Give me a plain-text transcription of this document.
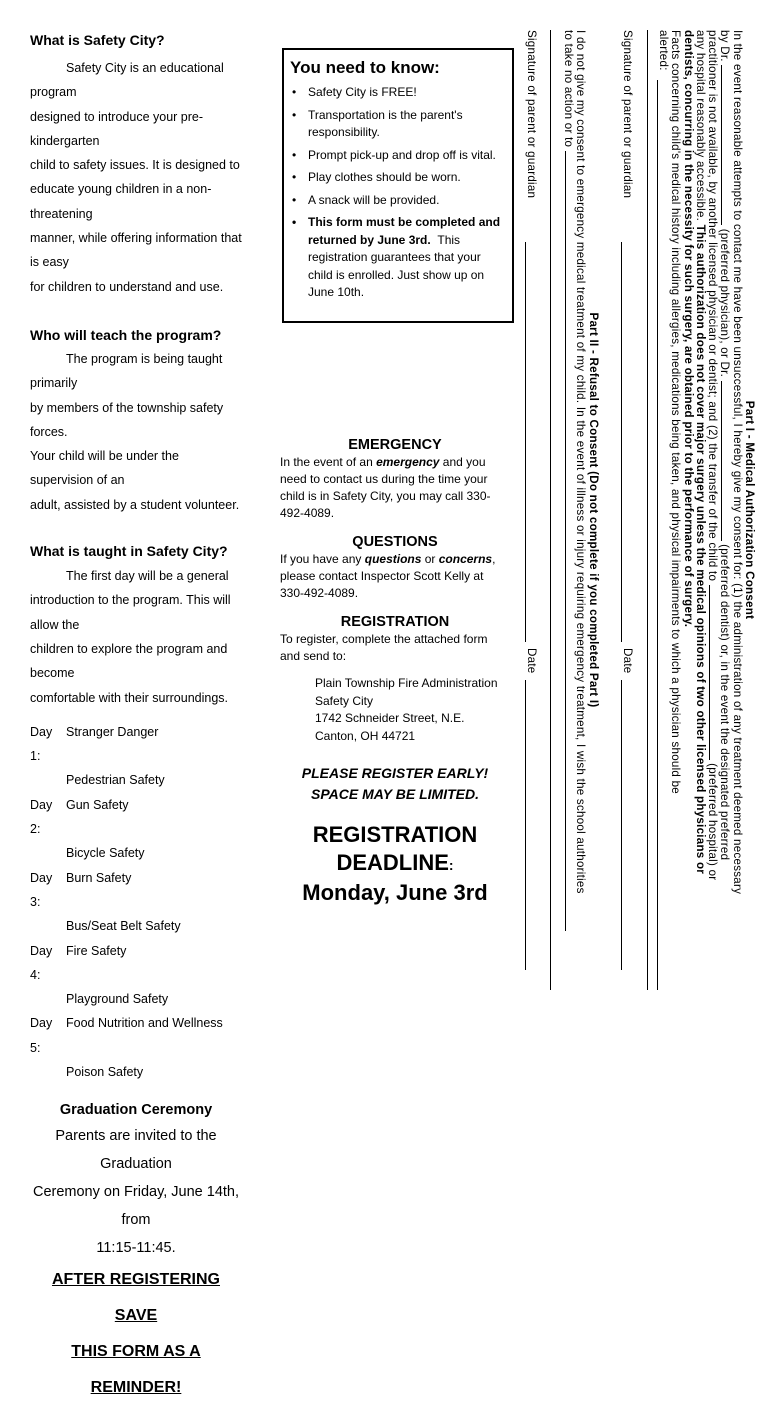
What is Safety City?

Safety City is an educational program

designed to introduce your pre-kindergarten

child to safety issues. It is designed to

educate young children in a non-threatening

manner, while offering information that is easy

for children to understand and use.

Who will teach the program?

The program is being taught primarily

by members of the township safety forces.

Your child will be under the supervision of an

adult, assisted by a student volunteer.

What is taught in Safety City?

The first day will be a general

introduction to the program. This will allow the

children to explore the program and become

comfortable with their surroundings.

Day 1:
Stranger Danger
Pedestrian Safety
Day 2:
Gun Safety
Bicycle Safety
Day 3:
Burn Safety
Bus/Seat Belt Safety
Day 4:
Fire Safety
Playground Safety
Day 5:
Food Nutrition and Wellness
Poison Safety
Graduation Ceremony
Parents are invited to the Graduation
Ceremony on Friday, June 14th, from
11:15-11:45.
AFTER REGISTERING SAVE
THIS FORM AS A REMINDER!
You need to know:
• Safety City is FREE!
• Transportation is the parent's responsibility.
• Prompt pick-up and drop off is vital.
• Play clothes should be worn.
• A snack will be provided.
• This form must be completed and returned by June 3rd. This registration guarantees that your child is enrolled. Just show up on June 10th.
EMERGENCY
In the event of an emergency and you need to contact us during the time your child is in Safety City, you may call 330-492-4089.
QUESTIONS
If you have any questions or concerns, please contact Inspector Scott Kelly at 330-492-4089.
REGISTRATION
To register, complete the attached form and send to:
Plain Township Fire Administration
Safety City
1742 Schneider Street, N.E.
Canton, OH 44721
PLEASE REGISTER EARLY!
SPACE MAY BE LIMITED.
REGISTRATION DEADLINE:
Monday, June 3rd

Part I - Medical Authorization Consent

In the event reasonable attempts to contact me have been unsuccessful, I hereby give my consent for: (1) the administration of any treatment deemed necessary

by Dr.  (preferred physician), or Dr.  (preferred dentist) or, in the event the designated preferred

practitioner is not available, by another licensed physician or dentist; and (2) the transfer of the child to  (preferred hospital) or

any hospital reasonably accessible. This authorization does not cover major surgery unless the medical opinions of two other licensed physicians or

dentists, concurring in the necessity for such surgery, are obtained prior to the performance of surgery.

Facts concerning child's medical history including allergies, medications being taken, and physical impairments to which a physician should be

alerted:

Signature of parent or guardian
Date

Part II - Refusal to Consent (Do not complete if you completed Part I)

I do not give my consent to emergency medical treatment of my child. In the event of illness or injury requiring emergency treatment, I wish the school authorities

to take no action or to

Signature of parent or guardian
Date
